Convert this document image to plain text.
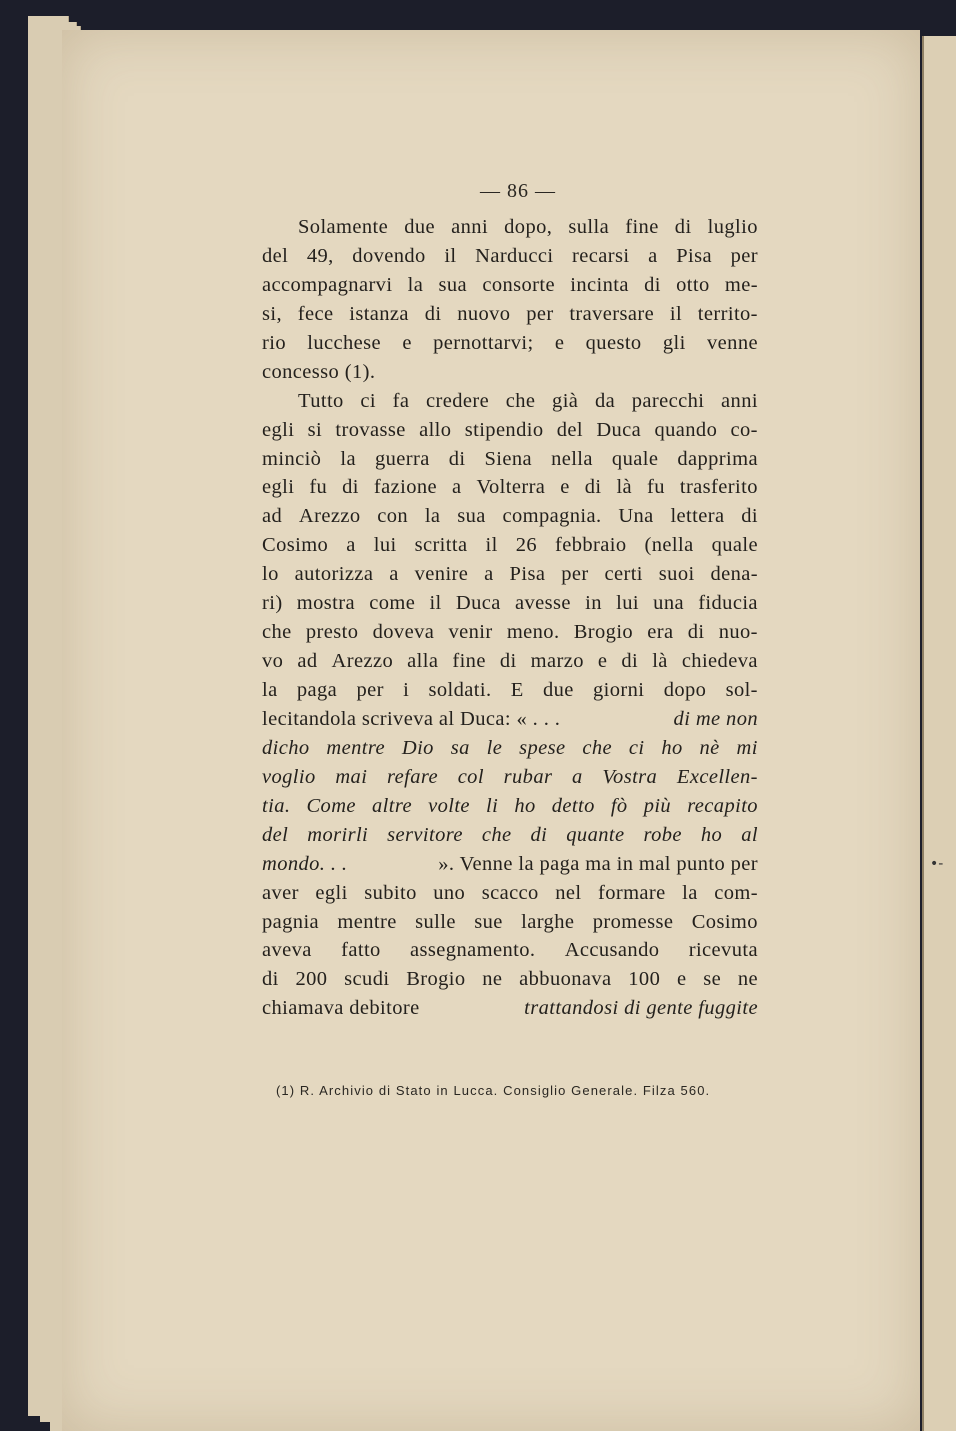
— 86 —
Solamente due anni dopo, sulla fine di luglio
del 49, dovendo il Narducci recarsi a Pisa per
accompagnarvi la sua consorte incinta di otto me-
si, fece istanza di nuovo per traversare il territo-
rio lucchese e pernottarvi; e questo gli venne
concesso (1).
Tutto ci fa credere che già da parecchi anni
egli si trovasse allo stipendio del Duca quando co-
minciò la guerra di Siena nella quale dapprima
egli fu di fazione a Volterra e di là fu trasferito
ad Arezzo con la sua compagnia. Una lettera di
Cosimo a lui scritta il 26 febbraio (nella quale
lo autorizza a venire a Pisa per certi suoi dena-
ri) mostra come il Duca avesse in lui una fiducia
che presto doveva venir meno. Brogio era di nuo-
vo ad Arezzo alla fine di marzo e di là chiedeva
la paga per i soldati. E due giorni dopo sol-
lecitandola scriveva al Duca: « . . .	di me non
dicho mentre Dio sa le spese che ci ho nè mi
voglio mai refare col rubar a Vostra Excellen-
tia. Come altre volte li ho detto fò più recapito
del morirli servitore che di quante robe ho al
mondo. . .	». Venne la paga ma in mal punto per
aver egli subito uno scacco nel formare la com-
pagnia mentre sulle sue larghe promesse Cosimo
aveva fatto assegnamento. Accusando ricevuta
di 200 scudi Brogio ne abbuonava 100 e se ne
chiamava debitore	trattandosi di gente fuggite
(1) R. Archivio di Stato in Lucca. Consiglio Generale. Filza 560.
•-
